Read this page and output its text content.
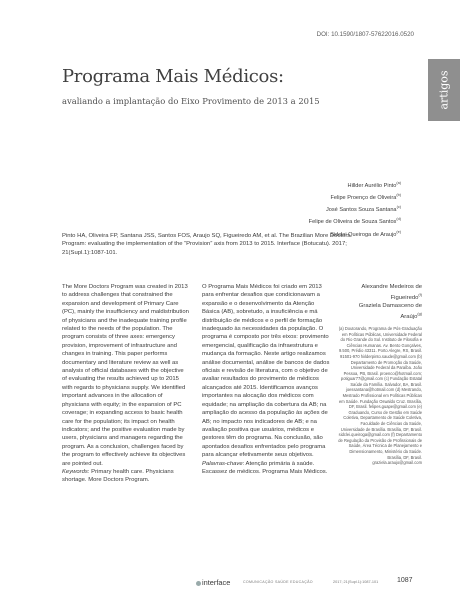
DOI: 10.1590/1807-57622016.0520
artigos
Programa Mais Médicos:
avaliando a implantação do Eixo Provimento de 2013 a 2015
Hillder Aurélio Pinto$^{(a)}$
Felipe Proenço de Oliveira$^{(b)}$
José Santos Souza Santana$^{(c)}$
Felipe de Oliveira de Souza Santos$^{(d)}$
Sidclei Queiroga de Araujo$^{(e)}$
Pinto HA, Oliveira FP, Santana JSS, Santos FOS, Araujo SQ, Figueiredo AM, et al. The Brazilian More Doctors Program: evaluating the implementation of the “Provision” axis from 2013 to 2015. Interface (Botucatu). 2017; 21(Supl.1):1087-101.
The More Doctors Program was created in 2013 to address challenges that constrained the expansion and development of Primary Care (PC), mainly the insufficiency and maldistribution of physicians and the inadequate training profile related to the needs of the population. The program consists of three axes: emergency provision, improvement of infrastructure and changes in training. This paper performs documentary and literature review as well as analysis of official databases with the objective of evaluating the results achieved up to 2015 with regards to physicians supply. We identified important advances in the allocation of physicians with equity; in the expansion of PC coverage; in expanding access to basic health care for the population; its impact on health indicators; and the positive evaluation made by users, physicians and managers regarding the program. As a conclusion, challenges faced by the program to effectively achieve its objectives are pointed out.
Keywords: Primary health care. Physicians shortage. More Doctors Program.
O Programa Mais Médicos foi criado em 2013 para enfrentar desafios que condicionavam a expansão e o desenvolvimento da Atenção Básica (AB), sobretudo, a insuficiência e má distribuição de médicos e o perfil de formação inadequado às necessidades da população. O programa é composto por três eixos: provimento emergencial, qualificação da infraestrutura e mudança da formação. Neste artigo realizamos análise documental, análise de bancos de dados oficiais e revisão de literatura, com o objetivo de avaliar resultados do provimento de médicos alcançados até 2015. Identificamos avanços importantes na alocação dos médicos com equidade; na ampliação da cobertura da AB; na ampliação do acesso da população às ações de AB; no impacto nos indicadores de AB; e na avaliação positiva que usuários, médicos e gestores têm do programa. Na conclusão, são apontados desafios enfrentados pelo programa para alcançar efetivamente seus objetivos.
Palavras-chave: Atenção primária à saúde. Escassez de médicos. Programa Mais Médicos.
Alexandre Medeiros de Figueiredo$^{(f)}$
Graziela Damasceno de Araújo$^{(g)}$
(a) Doutorando, Programa de Pós-Graduação em Políticas Públicas, Universidade Federal do Rio Grande do Sul. Instituto de Filosofia e Ciências Humanas. Av. Bento Gonçalves, 9.500, Prédio 43311. Porto Alegre, RS, Brasil. 91501-970 hiılderpinto.saude@gmail.com (b) Departamento de Promoção da Saúde, Universidade Federal da Paraíba. João Pessoa, PB, Brasil. proenco@hotmail.com; potiguar77@gmail.com (c) Fundação Estatal Saúde da Família. Salvador, BA, Brasil. joessantana@hotmail.com (d) Mestrando, Mestrado Profissional em Políticas Públicas em Saúde. Fundação Oswaldo Cruz. Brasília, DF, Brasil. felipes.guape@gmail.com (e) Graduando, Curso de Gestão em Saúde Coletiva, Departamento de Saúde Coletiva, Faculdade de Ciências da Saúde, Universidade de Brasília. Brasília, DF, Brasil. sidclei.queiroga@gmail.com (f) Departamento de Regulação da Provisão de Profissionais de Saúde, Área Técnica de Planejamento e Dimensionamento, Ministério da Saúde. Brasília, DF, Brasil. graziela.araujo@gmail.com
interface	COMUNICAÇÃO SAÚDE EDUCAÇÃO	2017; 21(Supl.1):1087-101	1087
